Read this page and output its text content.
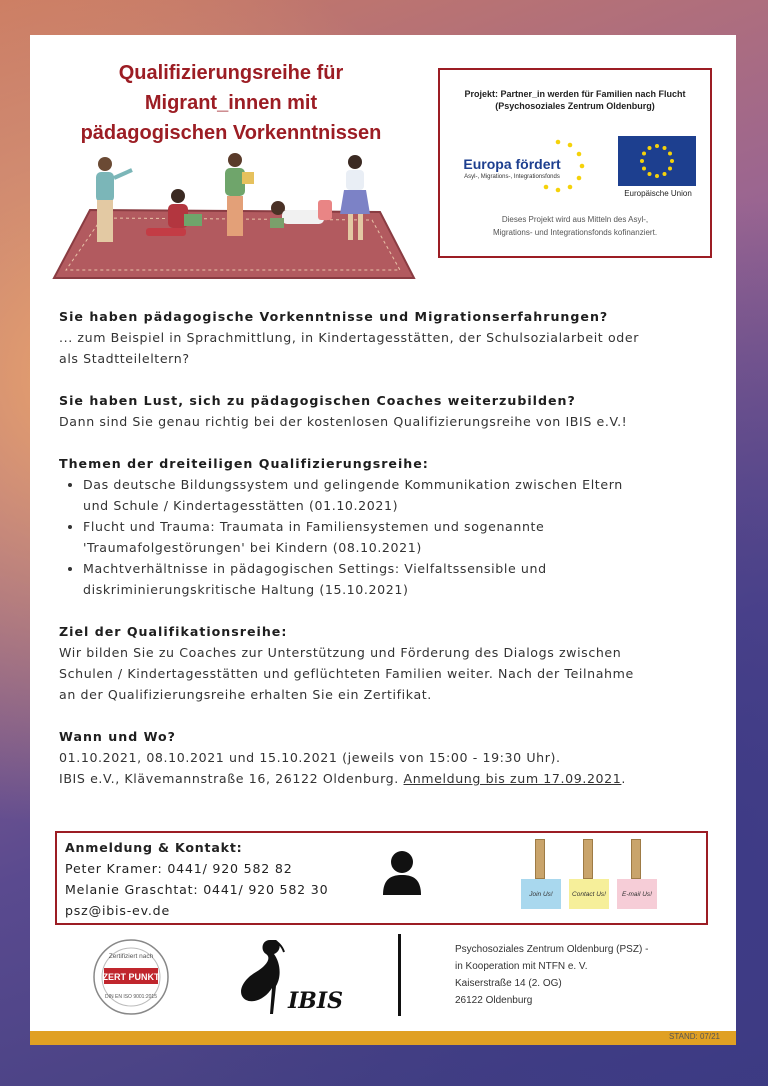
Qualifizierungsreihe für
Migrant_innen mit
pädagogischen Vorkenntnissen
Projekt: Partner_in werden für Familien nach Flucht
(Psychosoziales Zentrum Oldenburg)
Europa fördert
Asyl-, Migrations-, Integrationsfonds
Europäische Union
Dieses Projekt wird aus Mitteln des Asyl-,
Migrations- und Integrationsfonds kofinanziert.

Sie haben pädagogische Vorkenntnisse und Migrationserfahrungen?

... zum Beispiel in Sprachmittlung, in Kindertagesstätten, der Schulsozialarbeit oder

als Stadtteileltern?

Sie haben Lust, sich zu pädagogischen Coaches weiterzubilden?

Dann sind Sie genau richtig bei der kostenlosen Qualifizierungsreihe von IBIS e.V.!

Themen der dreiteiligen Qualifizierungsreihe:

• Das deutsche Bildungssystem und gelingende Kommunikation zwischen Eltern
und Schule / Kindertagesstätten (01.10.2021)
• Flucht und Trauma: Traumata in Familiensystemen und sogenannte
'Traumafolgestörungen' bei Kindern (08.10.2021)
• Machtverhältnisse in pädagogischen Settings: Vielfaltssensible und
diskriminierungskritische Haltung (15.10.2021)

Ziel der Qualifikationsreihe:

Wir bilden Sie zu Coaches zur Unterstützung und Förderung des Dialogs zwischen

Schulen / Kindertagesstätten und geflüchteten Familien weiter. Nach der Teilnahme

an der Qualifizierungsreihe erhalten Sie ein Zertifikat.

Wann und Wo?

01.10.2021, 08.10.2021 und 15.10.2021 (jeweils von 15:00 - 19:30 Uhr).

IBIS e.V., Klävemannstraße 16, 26122 Oldenburg. Anmeldung bis zum 17.09.2021.

Anmeldung & Kontakt:
Peter Kramer: 0441/ 920 582 82
Melanie Graschtat: 0441/ 920 582 30
psz@ibis-ev.de
Join Us!	Contact Us!	E-mail Us!
Zertifiziert nach
ZERT PUNKT
DIN EN ISO 9001:2015	IBIS
Psychosoziales Zentrum Oldenburg (PSZ) -
in Kooperation mit NTFN e. V.
Kaiserstraße 14 (2. OG)
26122 Oldenburg
STAND: 07/21
